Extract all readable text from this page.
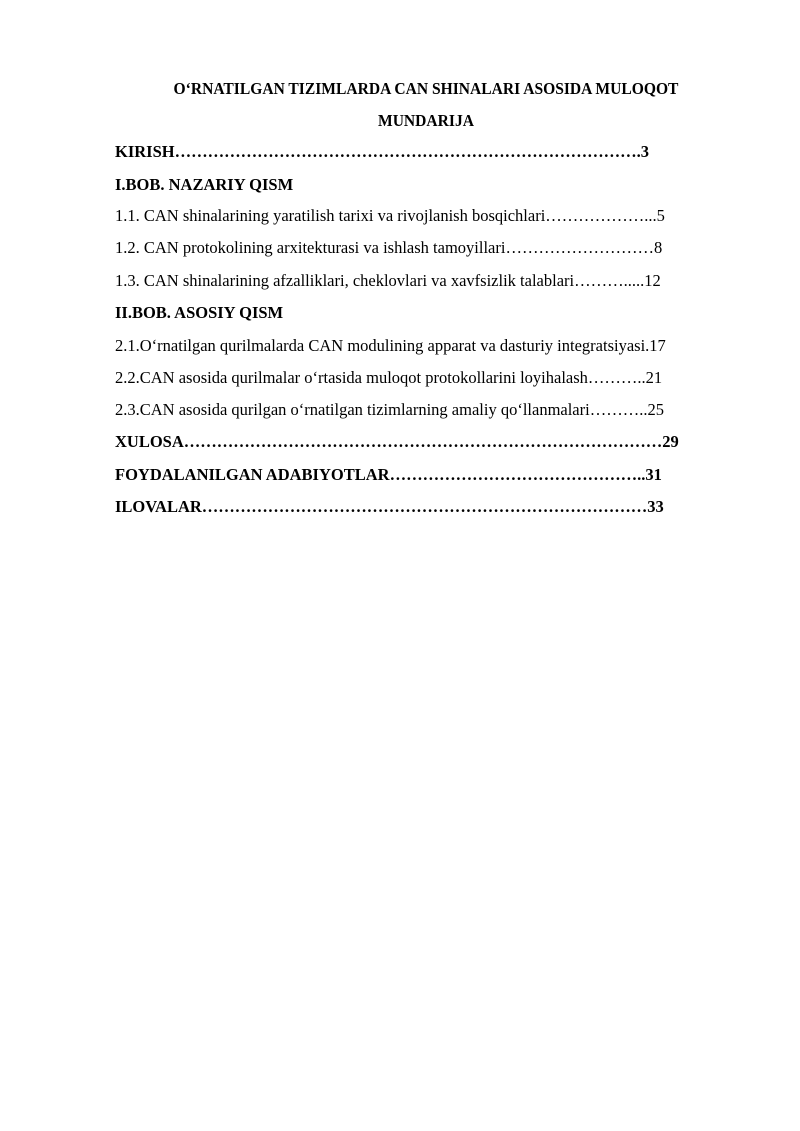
O‘RNATILGAN TIZIMLARDA CAN SHINALARI ASOSIDA MULOQOT
MUNDARIJA
KIRISH………………………………………………………………………….3
I.BOB. NAZARIY QISM
1.1. CAN shinalarining yaratilish tarixi va rivojlanish bosqichlari………………...5
1.2. CAN protokolining arxitekturasi va ishlash tamoyillari………………………8
1.3. CAN shinalarining afzalliklari, cheklovlari va xavfsizlik talablari……….....12
II.BOB. ASOSIY QISM
2.1.O‘rnatilgan qurilmalarda CAN modulining apparat va dasturiy integratsiyasi.17
2.2.CAN asosida qurilmalar o‘rtasida muloqot protokollarini loyihalash………..21
2.3.CAN asosida qurilgan o‘rnatilgan tizimlarning amaliy qo‘llanmalari………..25
XULOSA……………………………………………………………………………29
FOYDALANILGAN ADABIYOTLAR………………………………………..31
ILOVALAR………………………………………………………………………33
